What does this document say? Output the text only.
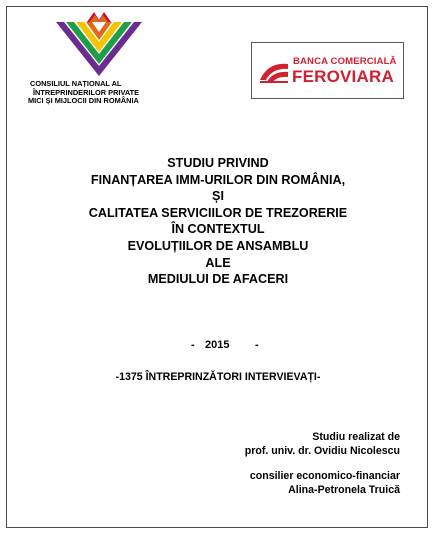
CONSILIUL NAȚIONAL AL
ÎNTREPRINDERILOR PRIVATE
MICI ȘI MIJLOCII DIN ROMÂNIA
BANCA COMERCIALĂ
FEROVIARA
STUDIU PRIVIND
FINANȚAREA IMM-URILOR DIN ROMÂNIA,
ȘI
CALITATEA SERVICIILOR DE TREZORERIE
ÎN CONTEXTUL
EVOLUȚIILOR DE ANSAMBLU
ALE
MEDIULUI DE AFACERI
- 2015 -
-1375 ÎNTREPRINZĂTORI INTERVIEVAȚI-
Studiu realizat de
prof. univ. dr. Ovidiu Nicolescu
consilier economico-financiar
Alina-Petronela Truică
